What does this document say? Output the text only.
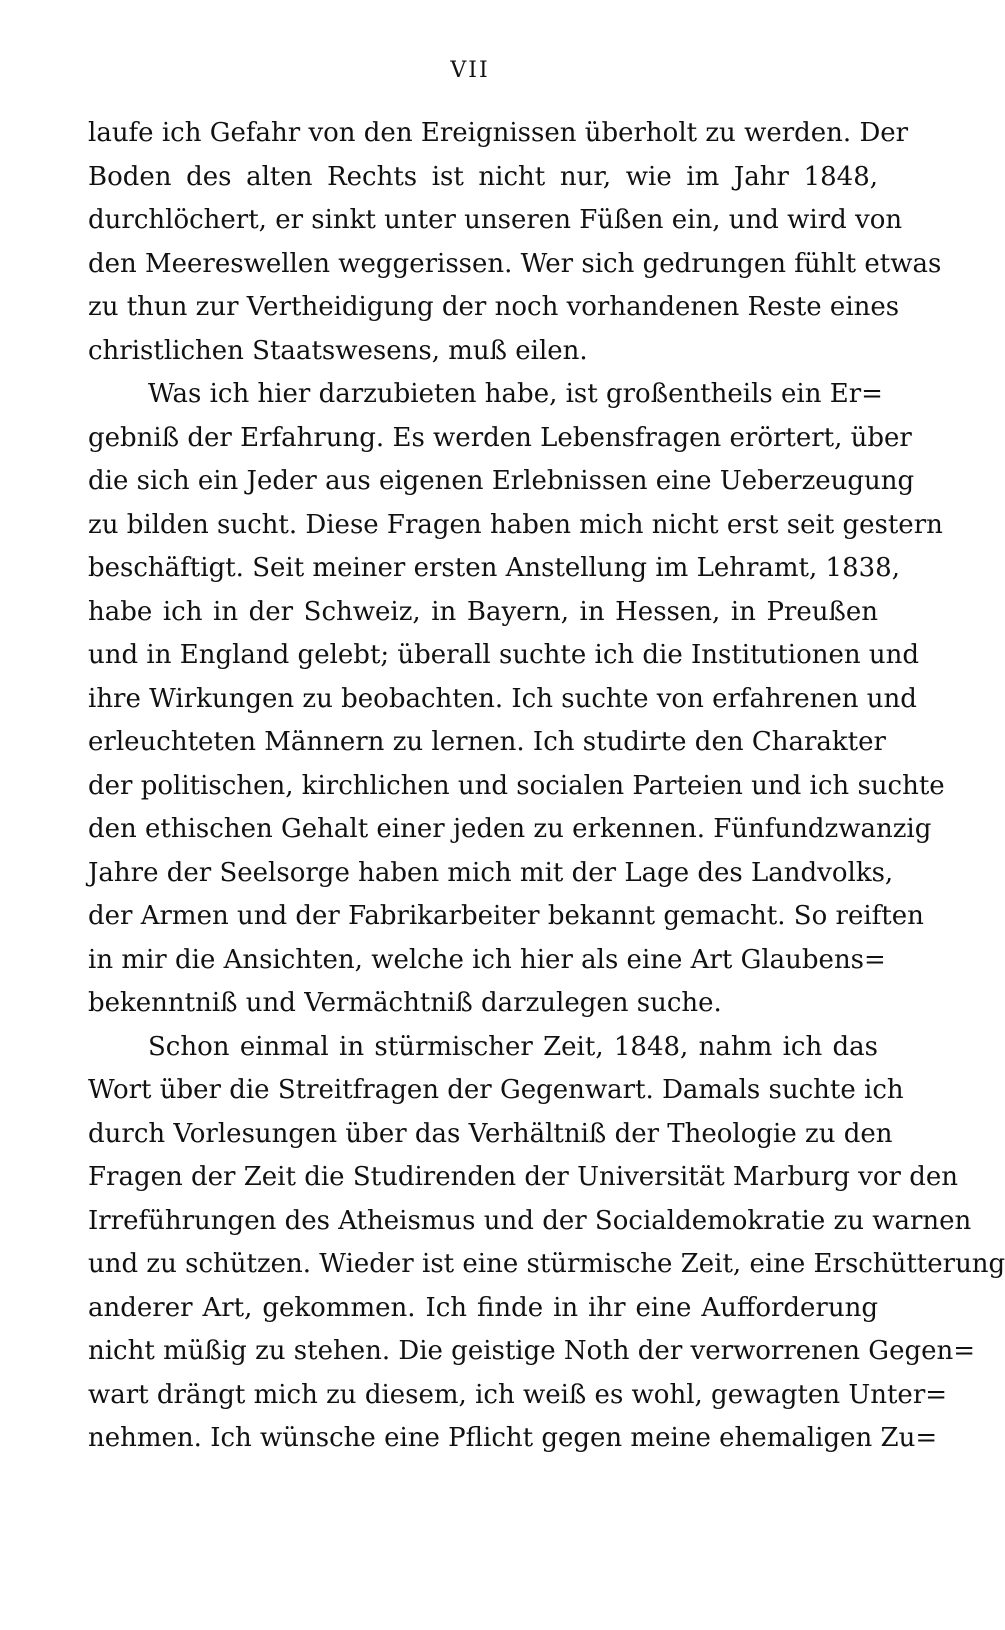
VII
laufe ich Gefahr von den Ereignissen überholt zu werden. Der
Boden des alten Rechts ist nicht nur, wie im Jahr 1848,
durchlöchert, er sinkt unter unseren Füßen ein, und wird von
den Meereswellen weggerissen. Wer sich gedrungen fühlt etwas
zu thun zur Vertheidigung der noch vorhandenen Reste eines
christlichen Staatswesens, muß eilen.
Was ich hier darzubieten habe, ist großentheils ein Er=
gebniß der Erfahrung. Es werden Lebensfragen erörtert, über
die sich ein Jeder aus eigenen Erlebnissen eine Ueberzeugung
zu bilden sucht. Diese Fragen haben mich nicht erst seit gestern
beschäftigt. Seit meiner ersten Anstellung im Lehramt, 1838,
habe ich in der Schweiz, in Bayern, in Hessen, in Preußen
und in England gelebt; überall suchte ich die Institutionen und
ihre Wirkungen zu beobachten. Ich suchte von erfahrenen und
erleuchteten Männern zu lernen. Ich studirte den Charakter
der politischen, kirchlichen und socialen Parteien und ich suchte
den ethischen Gehalt einer jeden zu erkennen. Fünfundzwanzig
Jahre der Seelsorge haben mich mit der Lage des Landvolks,
der Armen und der Fabrikarbeiter bekannt gemacht. So reiften
in mir die Ansichten, welche ich hier als eine Art Glaubens=
bekenntniß und Vermächtniß darzulegen suche.
Schon einmal in stürmischer Zeit, 1848, nahm ich das
Wort über die Streitfragen der Gegenwart. Damals suchte ich
durch Vorlesungen über das Verhältniß der Theologie zu den
Fragen der Zeit die Studirenden der Universität Marburg vor den
Irreführungen des Atheismus und der Socialdemokratie zu warnen
und zu schützen. Wieder ist eine stürmische Zeit, eine Erschütterung
anderer Art, gekommen. Ich finde in ihr eine Aufforderung
nicht müßig zu stehen. Die geistige Noth der verworrenen Gegen=
wart drängt mich zu diesem, ich weiß es wohl, gewagten Unter=
nehmen. Ich wünsche eine Pflicht gegen meine ehemaligen Zu=
